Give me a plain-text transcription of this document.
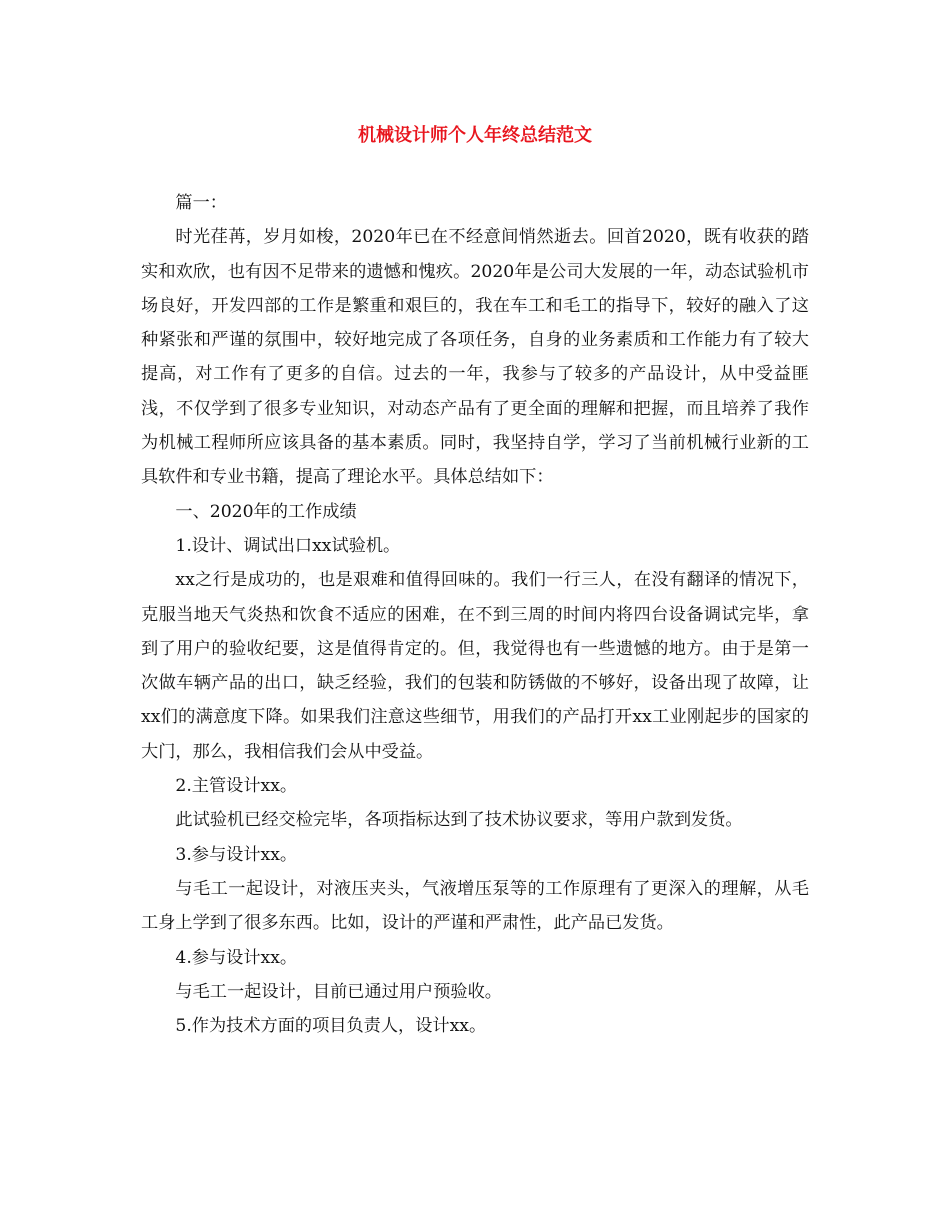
机械设计师个人年终总结范文

篇一：

时光荏苒，岁月如梭，2020年已在不经意间悄然逝去。回首2020，既有收获的踏实和欢欣，也有因不足带来的遗憾和愧疚。2020年是公司大发展的一年，动态试验机市场良好，开发四部的工作是繁重和艰巨的，我在车工和毛工的指导下，较好的融入了这种紧张和严谨的氛围中，较好地完成了各项任务，自身的业务素质和工作能力有了较大提高，对工作有了更多的自信。过去的一年，我参与了较多的产品设计，从中受益匪浅，不仅学到了很多专业知识，对动态产品有了更全面的理解和把握，而且培养了我作为机械工程师所应该具备的基本素质。同时，我坚持自学，学习了当前机械行业新的工具软件和专业书籍，提高了理论水平。具体总结如下：

一、2020年的工作成绩

1.设计、调试出口xx试验机。

xx之行是成功的，也是艰难和值得回味的。我们一行三人，在没有翻译的情况下，克服当地天气炎热和饮食不适应的困难，在不到三周的时间内将四台设备调试完毕，拿到了用户的验收纪要，这是值得肯定的。但，我觉得也有一些遗憾的地方。由于是第一次做车辆产品的出口，缺乏经验，我们的包装和防锈做的不够好，设备出现了故障，让xx们的满意度下降。如果我们注意这些细节，用我们的产品打开xx工业刚起步的国家的大门，那么，我相信我们会从中受益。

2.主管设计xx。

此试验机已经交检完毕，各项指标达到了技术协议要求，等用户款到发货。

3.参与设计xx。

与毛工一起设计，对液压夹头，气液增压泵等的工作原理有了更深入的理解，从毛工身上学到了很多东西。比如，设计的严谨和严肃性，此产品已发货。

4.参与设计xx。

与毛工一起设计，目前已通过用户预验收。

5.作为技术方面的项目负责人，设计xx。
